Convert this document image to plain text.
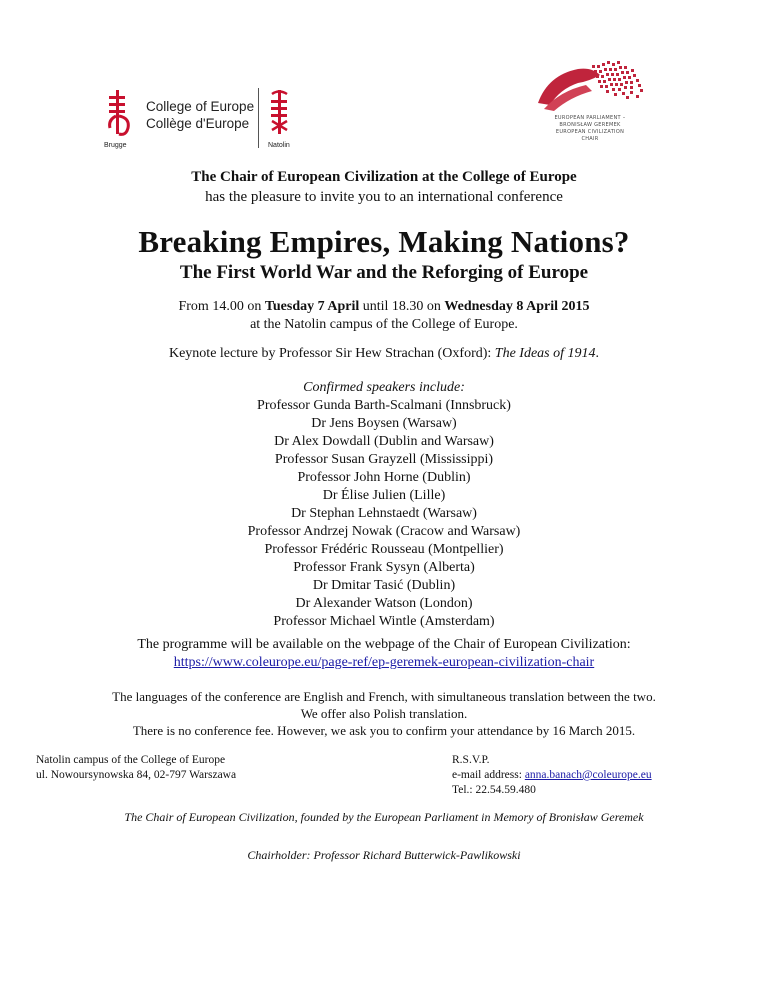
College of Europe
Collège d'Europe
Brugge	Natolin
EUROPEAN PARLIAMENT –
BRONISŁAW GEREMEK
EUROPEAN CIVILIZATION
CHAIR
The Chair of European Civilization at the College of Europe
has the pleasure to invite you to an international conference
Breaking Empires, Making Nations?
The First World War and the Reforging of Europe
From 14.00 on Tuesday 7 April until 18.30 on Wednesday 8 April 2015
at the Natolin campus of the College of Europe.
Keynote lecture by Professor Sir Hew Strachan (Oxford): The Ideas of 1914.
Confirmed speakers include:
Professor Gunda Barth-Scalmani (Innsbruck)
Dr Jens Boysen (Warsaw)
Dr Alex Dowdall (Dublin and Warsaw)
Professor Susan Grayzell (Mississippi)
Professor John Horne (Dublin)
Dr Élise Julien (Lille)
Dr Stephan Lehnstaedt (Warsaw)
Professor Andrzej Nowak (Cracow and Warsaw)
Professor Frédéric Rousseau (Montpellier)
Professor Frank Sysyn (Alberta)
Dr Dmitar Tasić (Dublin)
Dr Alexander Watson (London)
Professor Michael Wintle (Amsterdam)
The programme will be available on the webpage of the Chair of European Civilization:
https://www.coleurope.eu/page-ref/ep-geremek-european-civilization-chair
The languages of the conference are English and French, with simultaneous translation between the two.
We offer also Polish translation.
There is no conference fee. However, we ask you to confirm your attendance by 16 March 2015.
Natolin campus of the College of Europe
ul. Nowoursynowska 84, 02-797 Warszawa
R.S.V.P.
e-mail address: anna.banach@coleurope.eu
Tel.: 22.54.59.480
The Chair of European Civilization, founded by the European Parliament in Memory of Bronisław Geremek
Chairholder: Professor Richard Butterwick-Pawlikowski
